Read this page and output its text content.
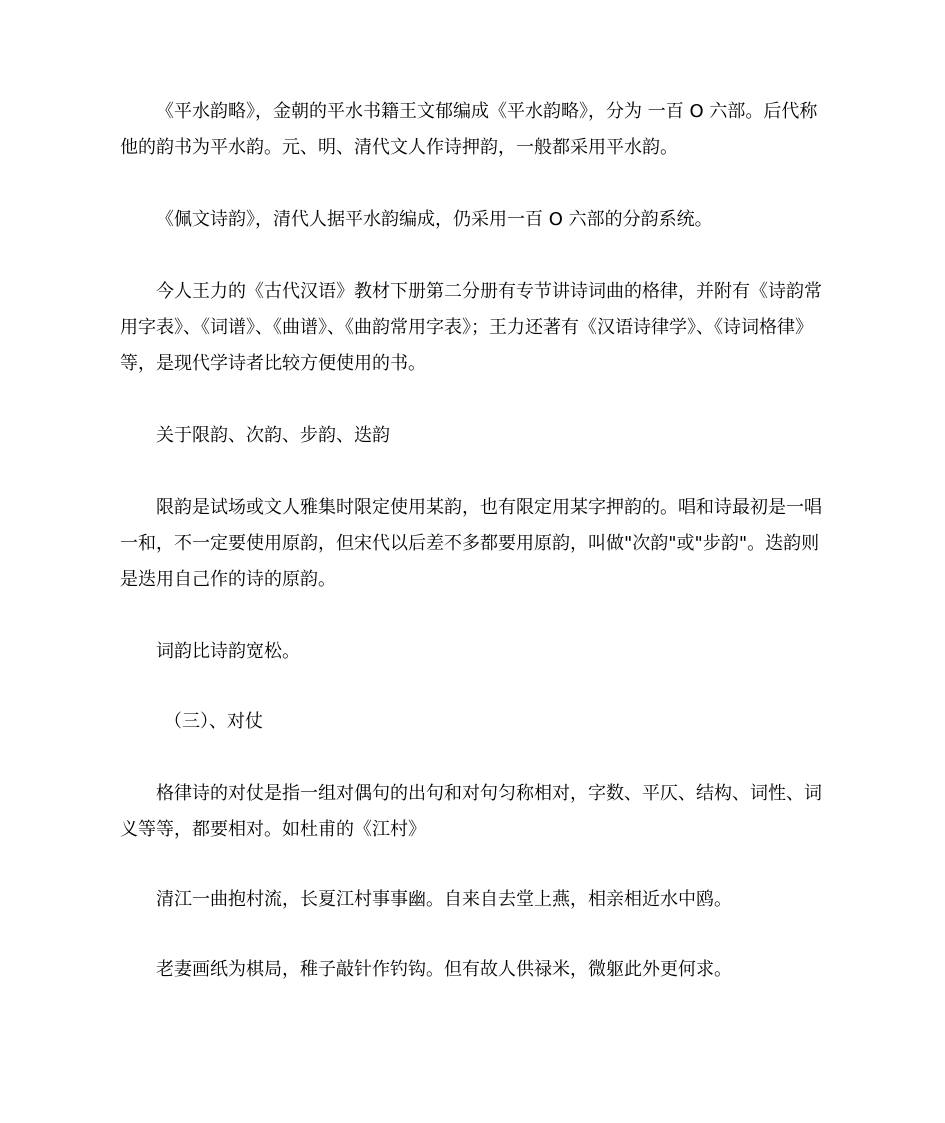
《平水韵略》，金朝的平水书籍王文郁编成《平水韵略》，分为 一百 O 六部。后代称他的韵书为平水韵。元、明、清代文人作诗押韵，一般都采用平水韵。

《佩文诗韵》，清代人据平水韵编成，仍采用一百 O 六部的分韵系统。

今人王力的《古代汉语》教材下册第二分册有专节讲诗词曲的格律，并附有《诗韵常用字表》、《词谱》、《曲谱》、《曲韵常用字表》；王力还著有《汉语诗律学》、《诗词格律》等，是现代学诗者比较方便使用的书。

关于限韵、次韵、步韵、迭韵

限韵是试场或文人雅集时限定使用某韵，也有限定用某字押韵的。唱和诗最初是一唱一和，不一定要使用原韵，但宋代以后差不多都要用原韵，叫做"次韵"或"步韵"。迭韵则是迭用自己作的诗的原韵。

词韵比诗韵宽松。

（三）、对仗

格律诗的对仗是指一组对偶句的出句和对句匀称相对，字数、平仄、结构、词性、词义等等，都要相对。如杜甫的《江村》

清江一曲抱村流，长夏江村事事幽。自来自去堂上燕，相亲相近水中鸥。

老妻画纸为棋局，稚子敲针作钓钩。但有故人供禄米，微躯此外更何求。
